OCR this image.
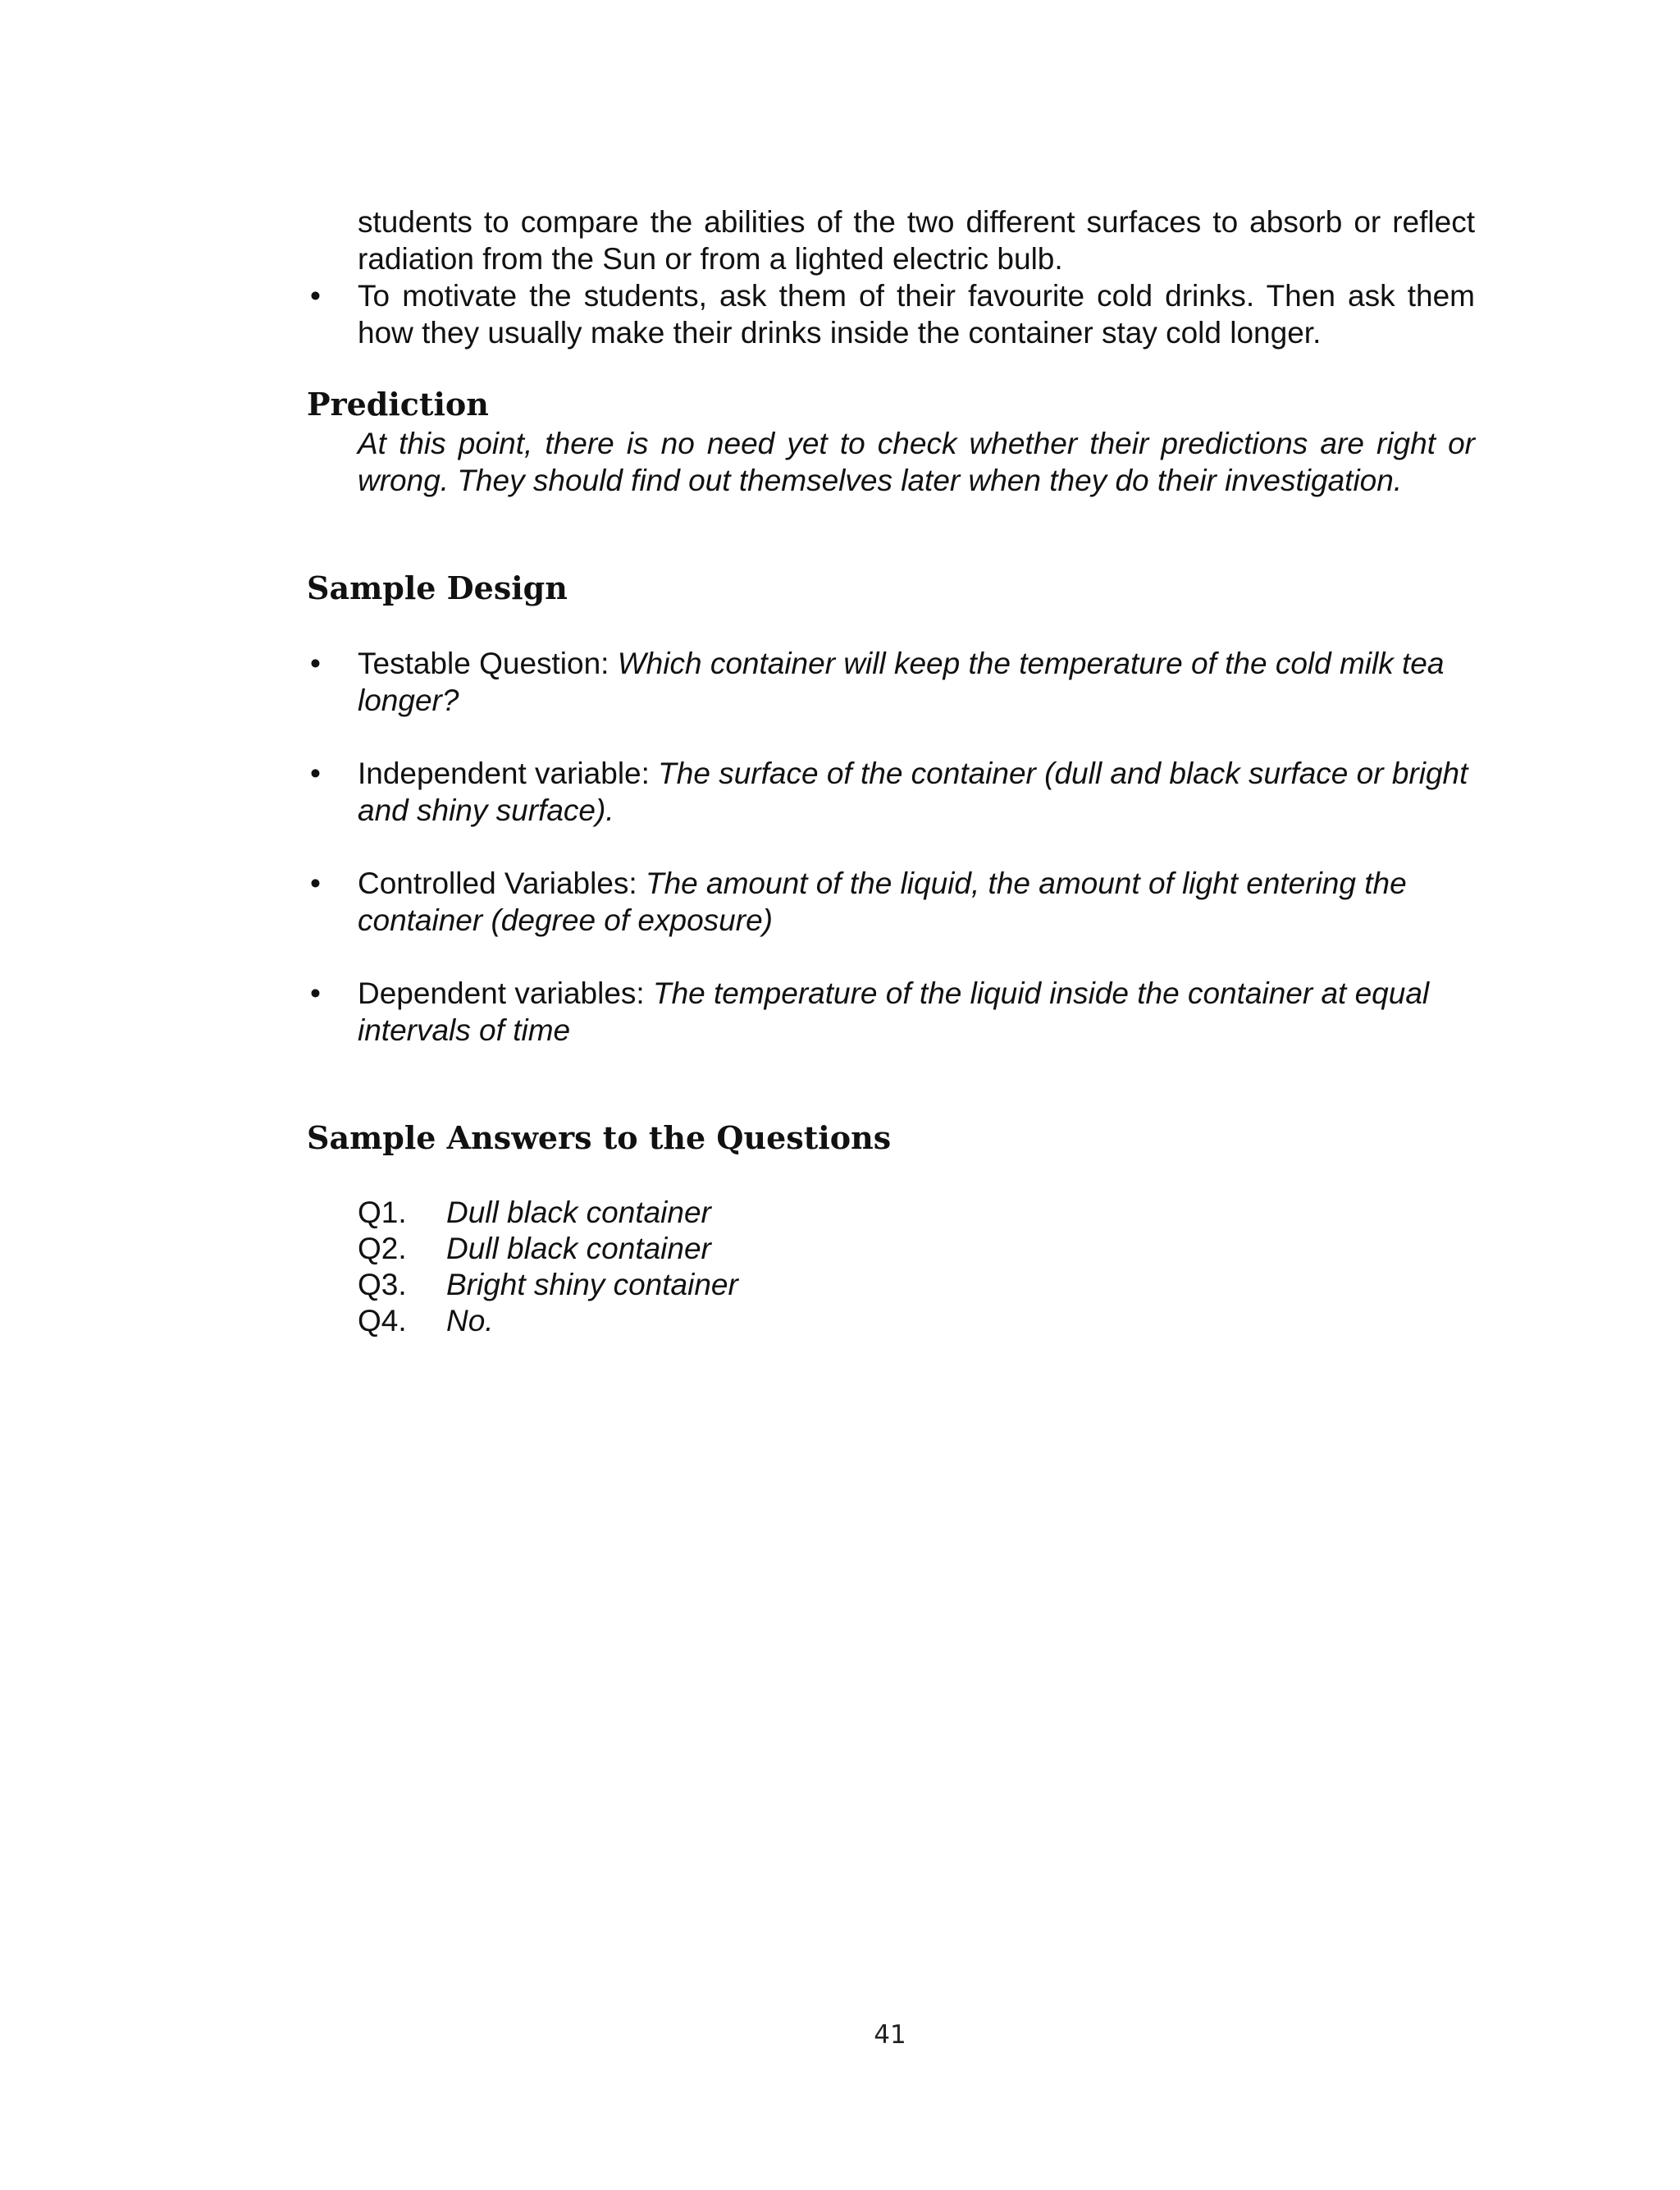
students to compare the abilities of the two different surfaces to absorb or reflect radiation from the Sun or from a lighted electric bulb.
• To motivate the students, ask them of their favourite cold drinks. Then ask them how they usually make their drinks inside the container stay cold longer.
Prediction
At this point, there is no need yet to check whether their predictions are right or wrong. They should find out themselves later when they do their investigation.
Sample Design
• Testable Question: Which container will keep the temperature of the cold milk tea longer?
• Independent variable: The surface of the container (dull and black surface or bright and shiny surface).
• Controlled Variables: The amount of the liquid, the amount of light entering the container (degree of exposure)
• Dependent variables: The temperature of the liquid inside the container at equal intervals of time
Sample Answers to the Questions
Q1.	Dull black container
Q2.	Dull black container
Q3.	Bright shiny container
Q4.	No.
41
